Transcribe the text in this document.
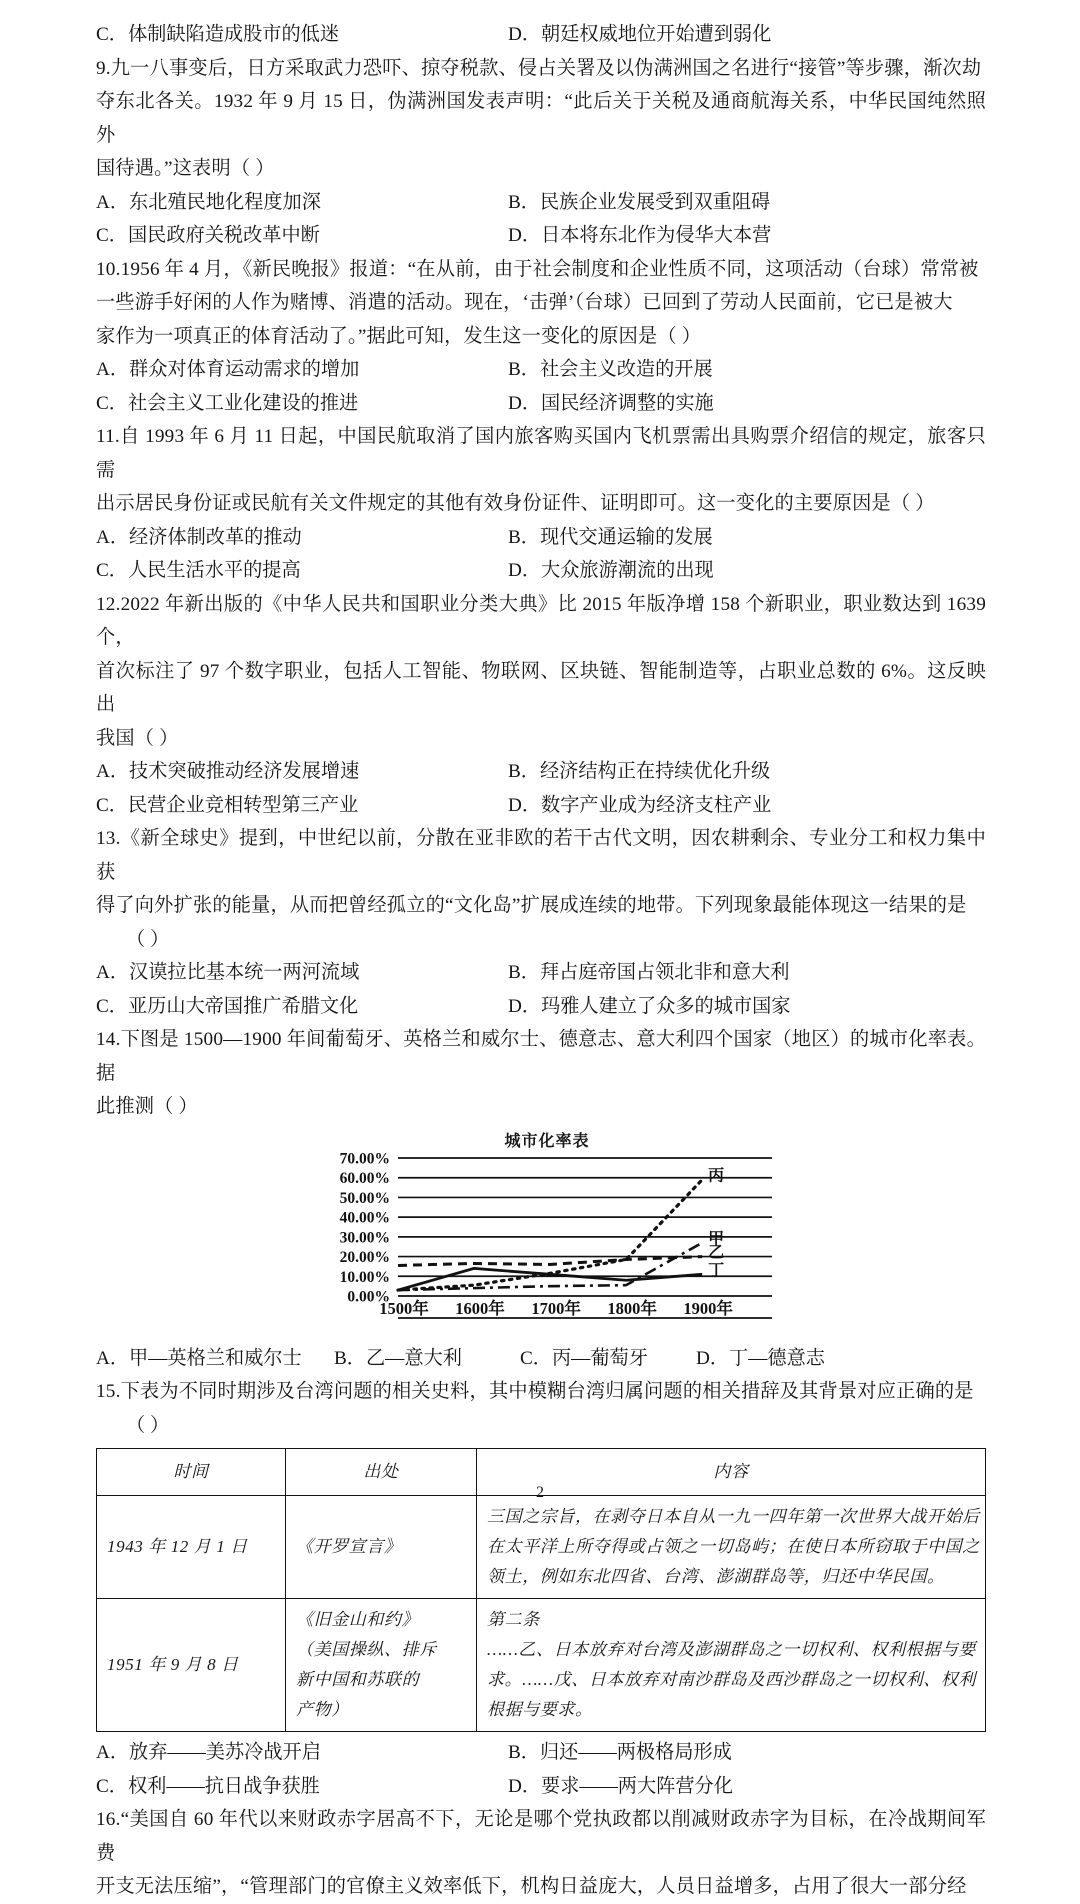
C．体制缺陷造成股市的低迷	D．朝廷权威地位开始遭到弱化

9.九一八事变后，日方采取武力恐吓、掠夺税款、侵占关署及以伪满洲国之名进行“接管”等步骤，渐次劫

夺东北各关。1932 年 9 月 15 日，伪满洲国发表声明：“此后关于关税及通商航海关系，中华民国纯然照外

国待遇。”这表明（ ）

A．东北殖民地化程度加深	B．民族企业发展受到双重阻碍
C．国民政府关税改革中断	D．日本将东北作为侵华大本营

10.1956 年 4 月，《新民晚报》报道：“在从前，由于社会制度和企业性质不同，这项活动（台球）常常被

一些游手好闲的人作为赌博、消遣的活动。现在，‘击弹’（台球）已回到了劳动人民面前，它已是被大

家作为一项真正的体育活动了。”据此可知，发生这一变化的原因是（ ）

A．群众对体育运动需求的增加	B．社会主义改造的开展
C．社会主义工业化建设的推进	D．国民经济调整的实施

11.自 1993 年 6 月 11 日起，中国民航取消了国内旅客购买国内飞机票需出具购票介绍信的规定，旅客只需

出示居民身份证或民航有关文件规定的其他有效身份证件、证明即可。这一变化的主要原因是（ ）

A．经济体制改革的推动	B．现代交通运输的发展
C．人民生活水平的提高	D．大众旅游潮流的出现

12.2022 年新出版的《中华人民共和国职业分类大典》比 2015 年版净增 158 个新职业，职业数达到 1639 个，

首次标注了 97 个数字职业，包括人工智能、物联网、区块链、智能制造等，占职业总数的 6%。这反映出

我国（ ）

A．技术突破推动经济发展增速	B．经济结构正在持续优化升级
C．民营企业竞相转型第三产业	D．数字产业成为经济支柱产业

13.《新全球史》提到，中世纪以前，分散在亚非欧的若干古代文明，因农耕剩余、专业分工和权力集中获

得了向外扩张的能量，从而把曾经孤立的“文化岛”扩展成连续的地带。下列现象最能体现这一结果的是

（ ）

A．汉谟拉比基本统一两河流域	B．拜占庭帝国占领北非和意大利
C．亚历山大帝国推广希腊文化	D．玛雅人建立了众多的城市国家

14.下图是 1500—1900 年间葡萄牙、英格兰和威尔士、德意志、意大利四个国家（地区）的城市化率表。据

此推测（ ）

城市化率表
0.00%
10.00%
20.00%
30.00%
40.00%
50.00%
60.00%
70.00%
1500年 1600年 1700年 1800年 1900年
丙
甲
乙
丁
A．甲—英格兰和威尔士	B．乙—意大利	C．丙—葡萄牙	D．丁—德意志

15.下表为不同时期涉及台湾问题的相关史料，其中模糊台湾归属问题的相关措辞及其背景对应正确的是

（ ）

时间	出处	内容
1943 年 12 月 1 日	《开罗宣言》	三国之宗旨，在剥夺日本自从一九一四年第一次世界大战开始后
在太平洋上所夺得或占领之一切岛屿；在使日本所窃取于中国之
领土，例如东北四省、台湾、澎湖群岛等，归还中华民国。

1951 年 9 月 8 日	《旧金山和约》
（美国操纵、排斥
新中国和苏联的
产物）	第二条
……乙、日本放弃对台湾及澎湖群岛之一切权利、权利根据与要
求。……戊、日本放弃对南沙群岛及西沙群岛之一切权利、权利
根据与要求。
A．放弃——美苏冷战开启	B．归还——两极格局形成
C．权利——抗日战争获胜	D．要求——两大阵营分化

16.“美国自 60 年代以来财政赤字居高不下，无论是哪个党执政都以削减财政赤字为目标，在冷战期间军费

开支无法压缩”，“管理部门的官僚主义效率低下，机构日益庞大，人员日益增多，占用了很大一部分经

2
